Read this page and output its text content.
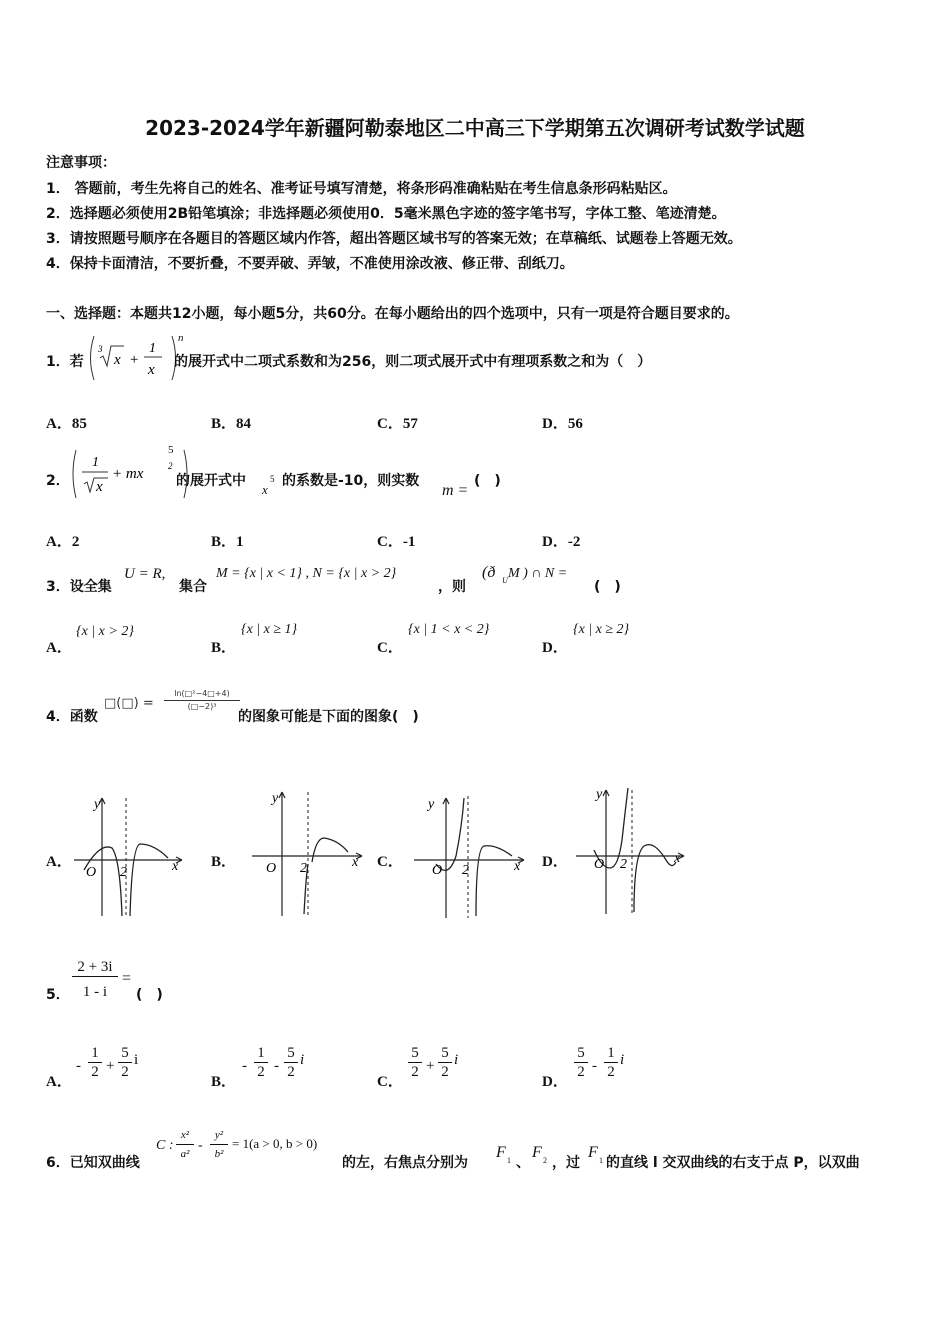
2023-2024学年新疆阿勒泰地区二中高三下学期第五次调研考试数学试题
注意事项：
1． 答题前，考生先将自己的姓名、准考证号填写清楚，将条形码准确粘贴在考生信息条形码粘贴区。
2．选择题必须使用2B铅笔填涂；非选择题必须使用0．5毫米黑色字迹的签字笔书写，字体工整、笔迹清楚。
3．请按照题号顺序在各题目的答题区域内作答，超出答题区域书写的答案无效；在草稿纸、试题卷上答题无效。
4．保持卡面清洁，不要折叠，不要弄破、弄皱，不准使用涂改液、修正带、刮纸刀。
一、选择题：本题共12小题，每小题5分，共60分。在每小题给出的四个选项中，只有一项是符合题目要求的。
1．若
3
x +
1
x
n
的展开式中二项式系数和为256，则二项式展开式中有理项系数之和为（　）
A．85	B．84	C．57	D．56
2．
1
x
+ mx	2
5
的展开式中
x
5 的系数是-10，则实数
m =
(　)
A．2	B．1	C．-1	D．-2
3．设全集
U = R,
集合
M = {x | x < 1} , N = {x | x > 2}
，则
(ð U M ) ∩ N =
(　)
A．
{x | x > 2}
B．
{x | x ≥ 1}
C．
{x | 1 < x < 2}
D．
{x | x ≥ 2}
4．函数
□(□) = $\frac{\text{ln(□²−4□+4)}}{\text{(□−2)³}}$
的图象可能是下面的图象(　)
A．
y
x
O 2
B．
y
x
O 2	C．
y
x
O 2
D．
y
x
O 2
5． $\frac{2 + 3i}{1 - i}$ =
(　)
A．
- $\frac{1}{2} + \frac{5}{2}$ i
B．
- $\frac{1}{2} - \frac{5}{2}$ i
C．
$\frac{5}{2} + \frac{5}{2}$ i
D．
$\frac{5}{2} - \frac{1}{2}$ i
6．已知双曲线
C : $\frac{\text{x²}}{\text{a²}} - \frac{\text{y²}}{\text{b²}} = 1(a > 0$, b > 0)
的左，右焦点分别为
F 1 、
F 2 ，过
F 1 的直线 l 交双曲线的右支于点 P，以双曲
